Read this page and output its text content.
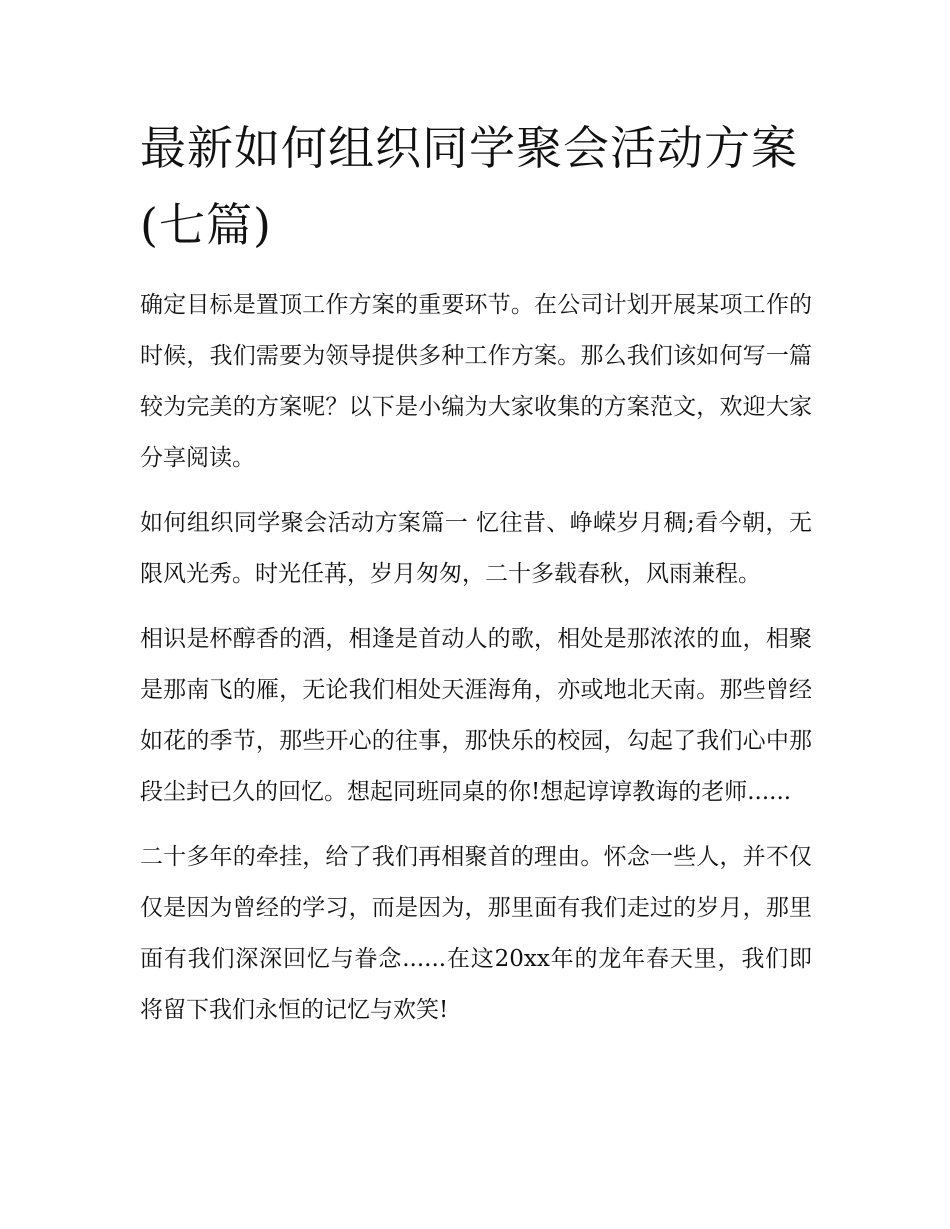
最新如何组织同学聚会活动方案(七篇)

确定目标是置顶工作方案的重要环节。在公司计划开展某项工作的时候，我们需要为领导提供多种工作方案。那么我们该如何写一篇较为完美的方案呢？以下是小编为大家收集的方案范文，欢迎大家分享阅读。

如何组织同学聚会活动方案篇一 忆往昔、峥嵘岁月稠;看今朝，无限风光秀。时光任苒，岁月匆匆，二十多载春秋，风雨兼程。

相识是杯醇香的酒，相逢是首动人的歌，相处是那浓浓的血，相聚是那南飞的雁，无论我们相处天涯海角，亦或地北天南。那些曾经如花的季节，那些开心的往事，那快乐的校园，勾起了我们心中那段尘封已久的回忆。想起同班同桌的你!想起谆谆教诲的老师......

二十多年的牵挂，给了我们再相聚首的理由。怀念一些人，并不仅仅是因为曾经的学习，而是因为，那里面有我们走过的岁月，那里面有我们深深回忆与眷念......在这20xx年的龙年春天里，我们即将留下我们永恒的记忆与欢笑!
